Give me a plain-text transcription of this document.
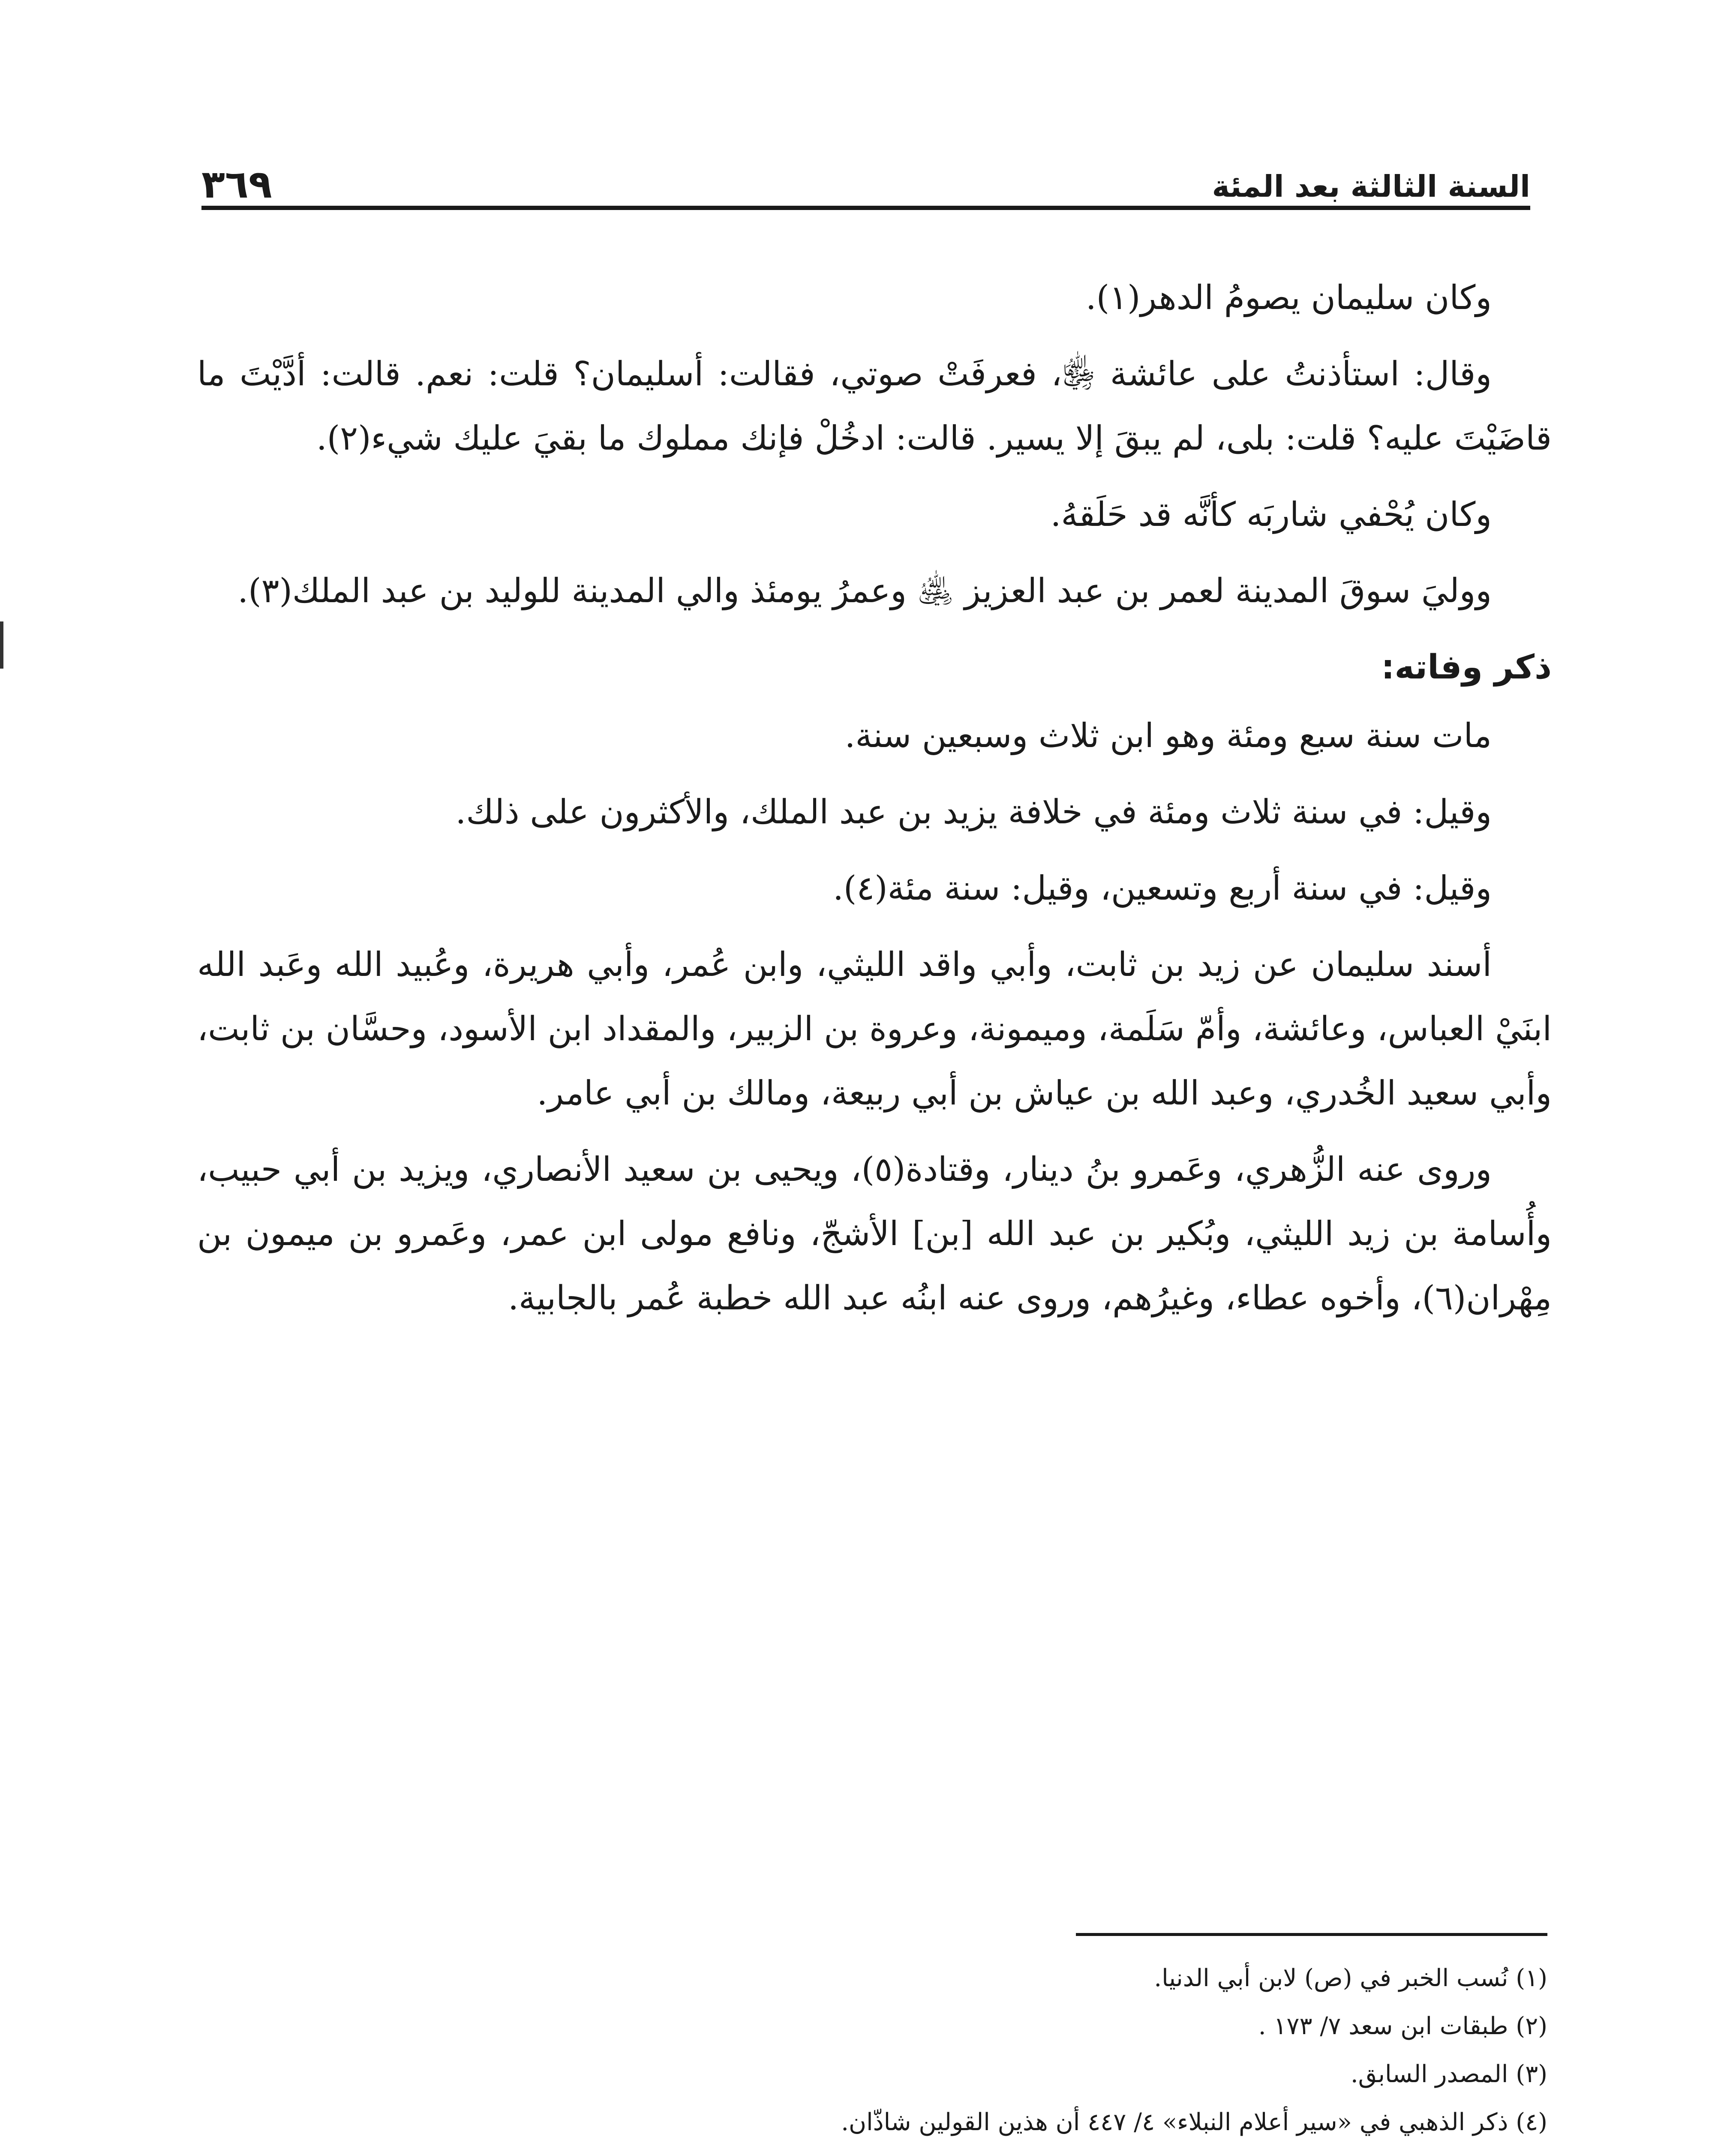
السنة الثالثة بعد المئة
٣٦٩

وكان سليمان يصومُ الدهر(١).

وقال: استأذنتُ على عائشة ﵂، فعرفَتْ صوتي، فقالت: أسليمان؟ قلت: نعم. قالت: أدَّيْتَ ما قاضَيْتَ عليه؟ قلت: بلى، لم يبقَ إلا يسير. قالت: ادخُلْ فإنك مملوك ما بقيَ عليك شيء(٢).

وكان يُحْفي شاربَه كأنَّه قد حَلَقهُ.

ووليَ سوقَ المدينة لعمر بن عبد العزيز ﵁ وعمرُ يومئذ والي المدينة للوليد بن عبد الملك(٣).

ذكر وفاته:

مات سنة سبع ومئة وهو ابن ثلاث وسبعين سنة.

وقيل: في سنة ثلاث ومئة في خلافة يزيد بن عبد الملك، والأكثرون على ذلك.

وقيل: في سنة أربع وتسعين، وقيل: سنة مئة(٤).

أسند سليمان عن زيد بن ثابت، وأبي واقد الليثي، وابن عُمر، وأبي هريرة، وعُبيد الله وعَبد الله ابنَيْ العباس، وعائشة، وأمّ سَلَمة، وميمونة، وعروة بن الزبير، والمقداد ابن الأسود، وحسَّان بن ثابت، وأبي سعيد الخُدري، وعبد الله بن عياش بن أبي ربيعة، ومالك بن أبي عامر.

وروى عنه الزُّهري، وعَمرو بنُ دينار، وقتادة(٥)، ويحيى بن سعيد الأنصاري، ويزيد بن أبي حبيب، وأُسامة بن زيد الليثي، وبُكير بن عبد الله [بن] الأشجّ، ونافع مولى ابن عمر، وعَمرو بن ميمون بن مِهْران(٦)، وأخوه عطاء، وغيرُهم، وروى عنه ابنُه عبد الله خطبة عُمر بالجابية.

(١) نُسب الخبر في (ص) لابن أبي الدنيا.

(٢) طبقات ابن سعد ٧/ ١٧٣ .

(٣) المصدر السابق.

(٤) ذكر الذهبي في «سير أعلام النبلاء» ٤/ ٤٤٧ أن هذين القولين شاذّان.
